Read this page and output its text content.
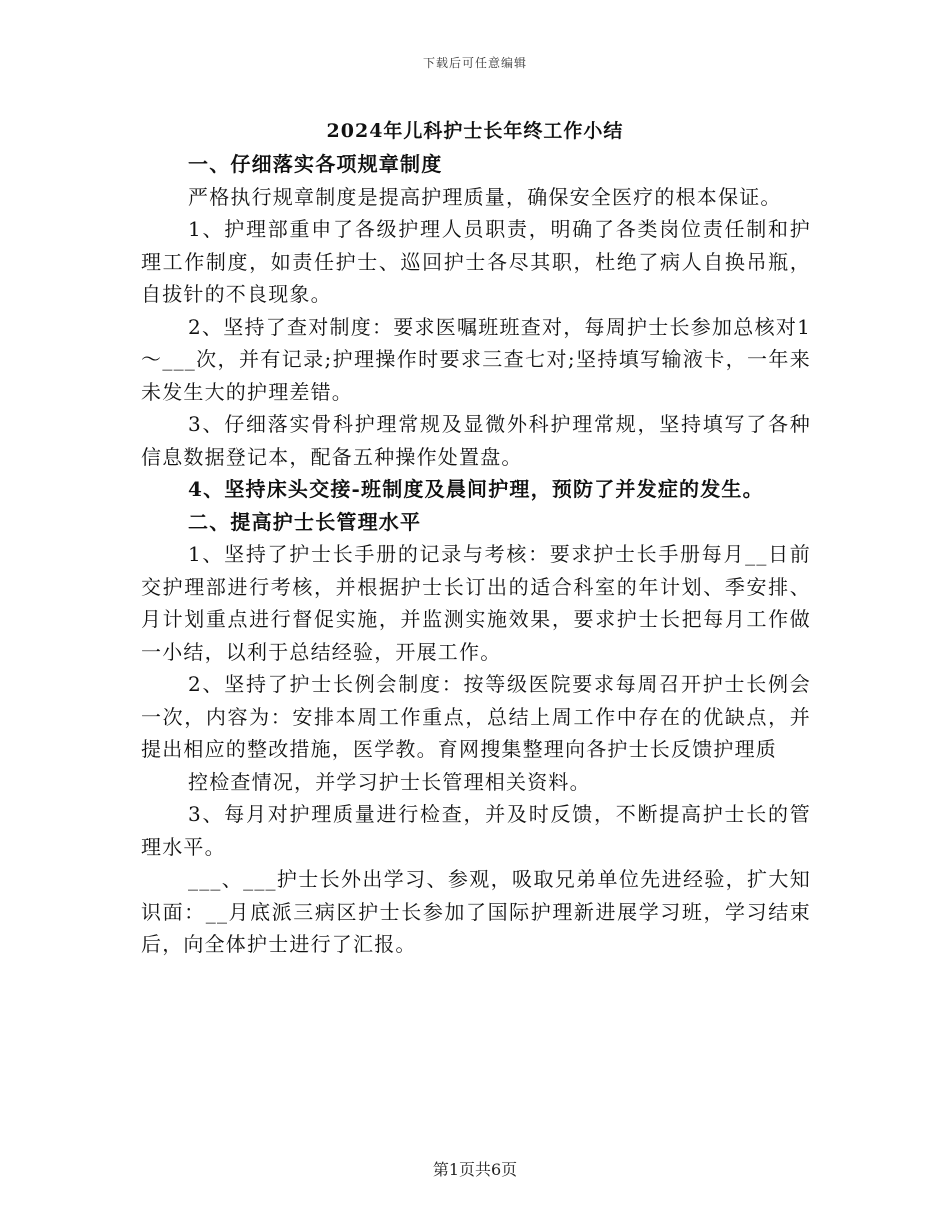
下载后可任意编辑
2024年儿科护士长年终工作小结

一、仔细落实各项规章制度

严格执行规章制度是提高护理质量，确保安全医疗的根本保证。

1、护理部重申了各级护理人员职责，明确了各类岗位责任制和护理工作制度，如责任护士、巡回护士各尽其职，杜绝了病人自换吊瓶，自拔针的不良现象。

2、坚持了查对制度：要求医嘱班班查对，每周护士长参加总核对1～___次，并有记录;护理操作时要求三查七对;坚持填写输液卡，一年来未发生大的护理差错。

3、仔细落实骨科护理常规及显微外科护理常规，坚持填写了各种信息数据登记本，配备五种操作处置盘。

4、坚持床头交接-班制度及晨间护理，预防了并发症的发生。

二、提高护士长管理水平

1、坚持了护士长手册的记录与考核：要求护士长手册每月__日前交护理部进行考核，并根据护士长订出的适合科室的年计划、季安排、月计划重点进行督促实施，并监测实施效果，要求护士长把每月工作做一小结，以利于总结经验，开展工作。

2、坚持了护士长例会制度：按等级医院要求每周召开护士长例会一次，内容为：安排本周工作重点，总结上周工作中存在的优缺点，并提出相应的整改措施，医学教。育网搜集整理向各护士长反馈护理质

控检查情况，并学习护士长管理相关资料。

3、每月对护理质量进行检查，并及时反馈，不断提高护士长的管理水平。

___、___护士长外出学习、参观，吸取兄弟单位先进经验，扩大知识面：__月底派三病区护士长参加了国际护理新进展学习班，学习结束后，向全体护士进行了汇报。

第1页共6页
